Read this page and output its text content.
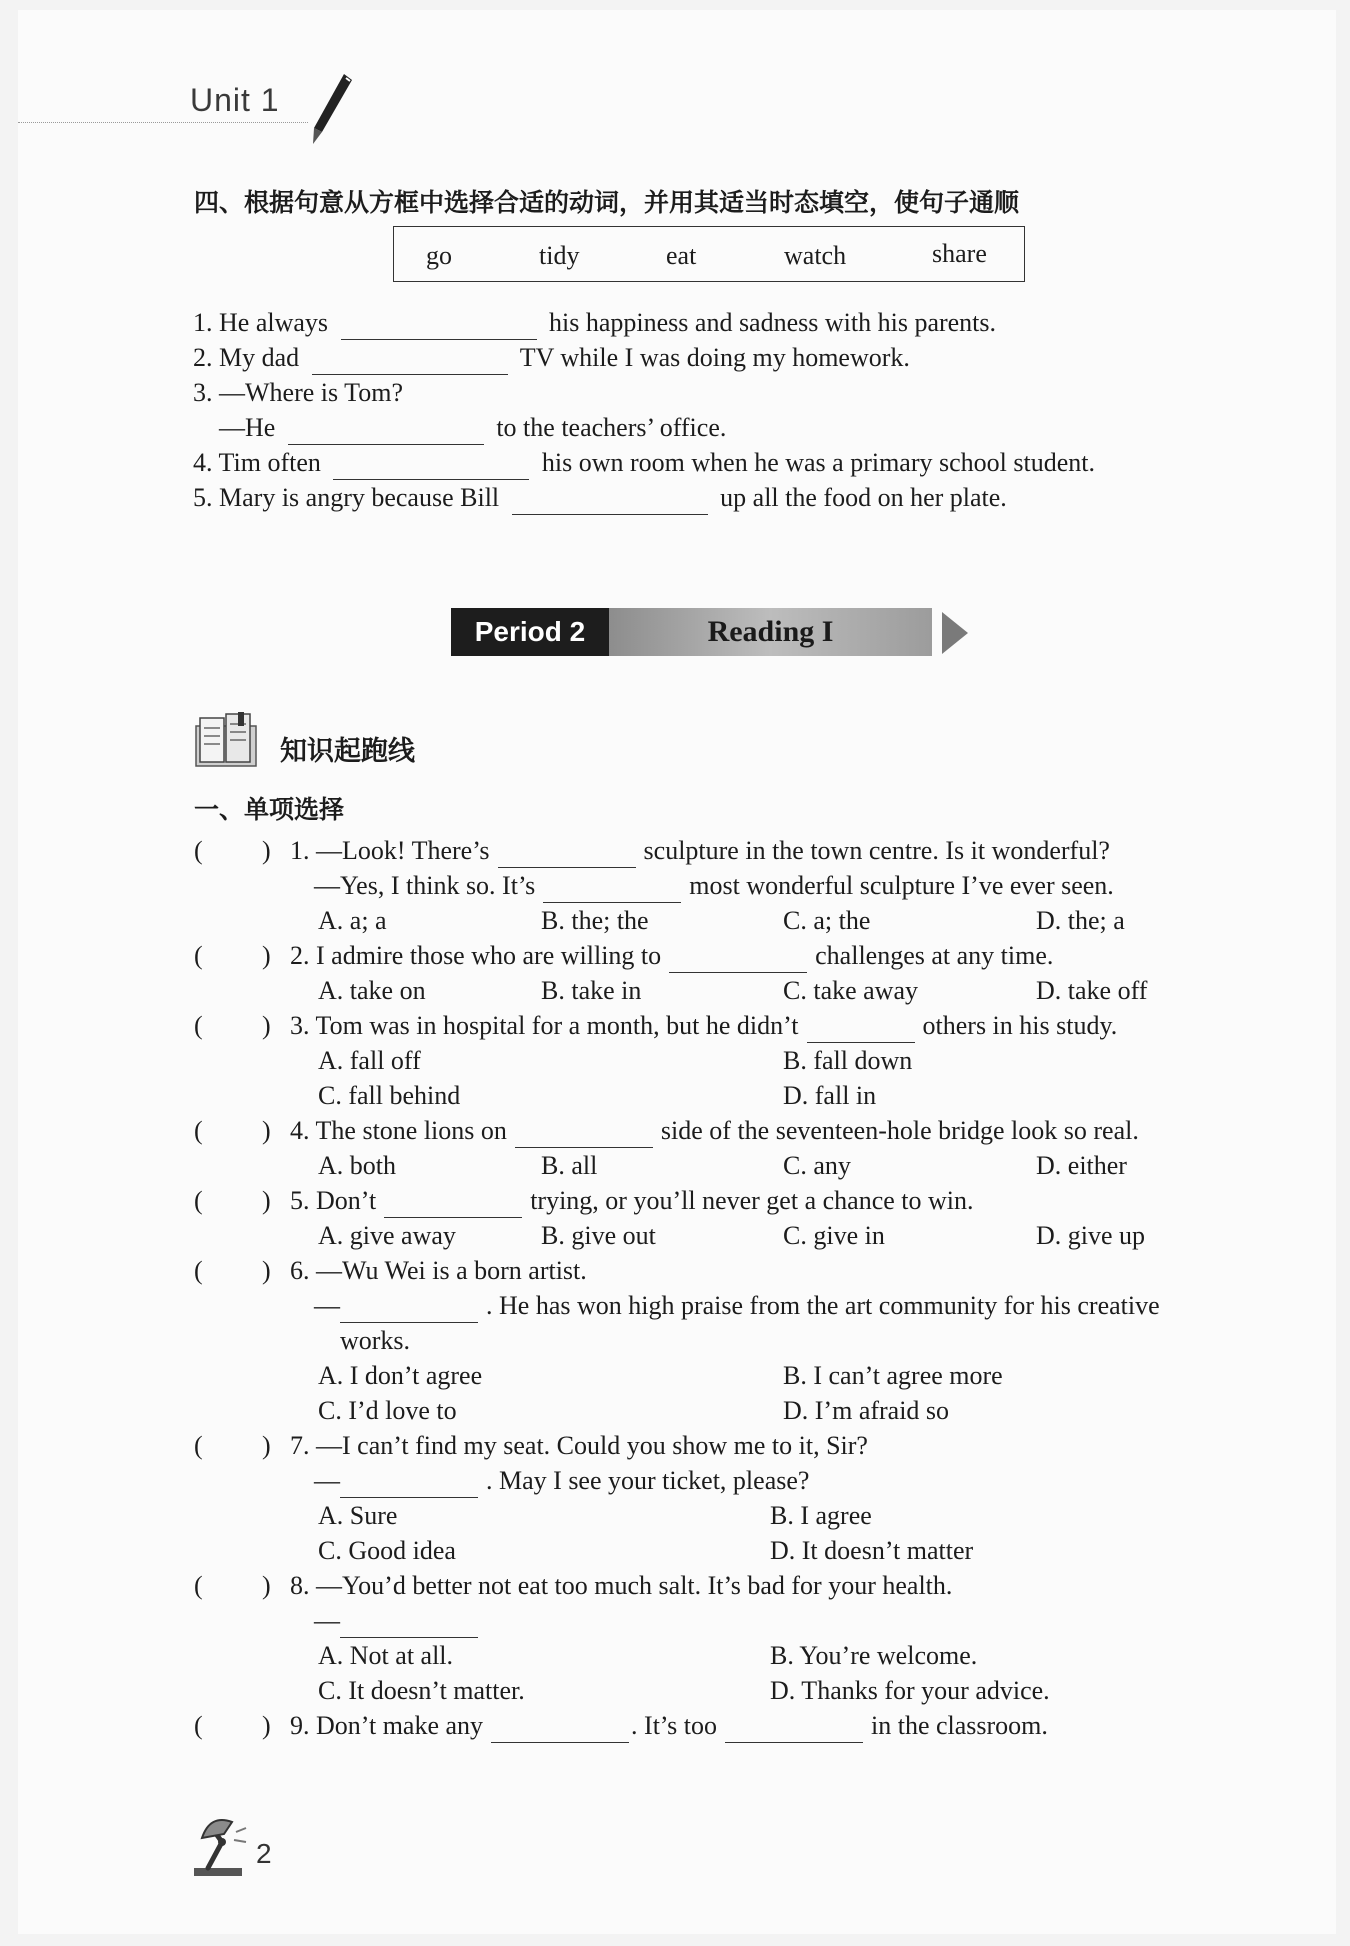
Unit 1
四、根据句意从方框中选择合适的动词，并用其适当时态填空，使句子通顺
go	tidy	eat	watch	share
1. He always	his happiness and sadness with his parents.
2. My dad	TV while I was doing my homework.
3. —Where is Tom?
—He	to the teachers’ office.
4. Tim often	his own room when he was a primary school student.
5. Mary is angry because Bill	up all the food on her plate.
Period 2	Reading I
知识起跑线
一、单项选择
( ) 1. —Look! There’s	sculpture in the town centre. Is it wonderful?
—Yes, I think so. It’s	most wonderful sculpture I’ve ever seen.
A. a; a	B. the; the	C. a; the	D. the; a
( ) 2. I admire those who are willing to	challenges at any time.
A. take on	B. take in	C. take away	D. take off
( ) 3. Tom was in hospital for a month, but he didn’t	others in his study.
A. fall off	B. fall down
C. fall behind	D. fall in
( ) 4. The stone lions on	side of the seventeen-hole bridge look so real.
A. both	B. all	C. any	D. either
( ) 5. Don’t	trying, or you’ll never get a chance to win.
A. give away	B. give out	C. give in	D. give up
( ) 6. —Wu Wei is a born artist.
—	. He has won high praise from the art community for his creative
works.
A. I don’t agree	B. I can’t agree more
C. I’d love to	D. I’m afraid so
( ) 7. —I can’t find my seat. Could you show me to it, Sir?
—	. May I see your ticket, please?
A. Sure	B. I agree
C. Good idea	D. It doesn’t matter
( ) 8. —You’d better not eat too much salt. It’s bad for your health.
—
A. Not at all.	B. You’re welcome.
C. It doesn’t matter.	D. Thanks for your advice.
( ) 9. Don’t make any	. It’s too	in the classroom.
2
